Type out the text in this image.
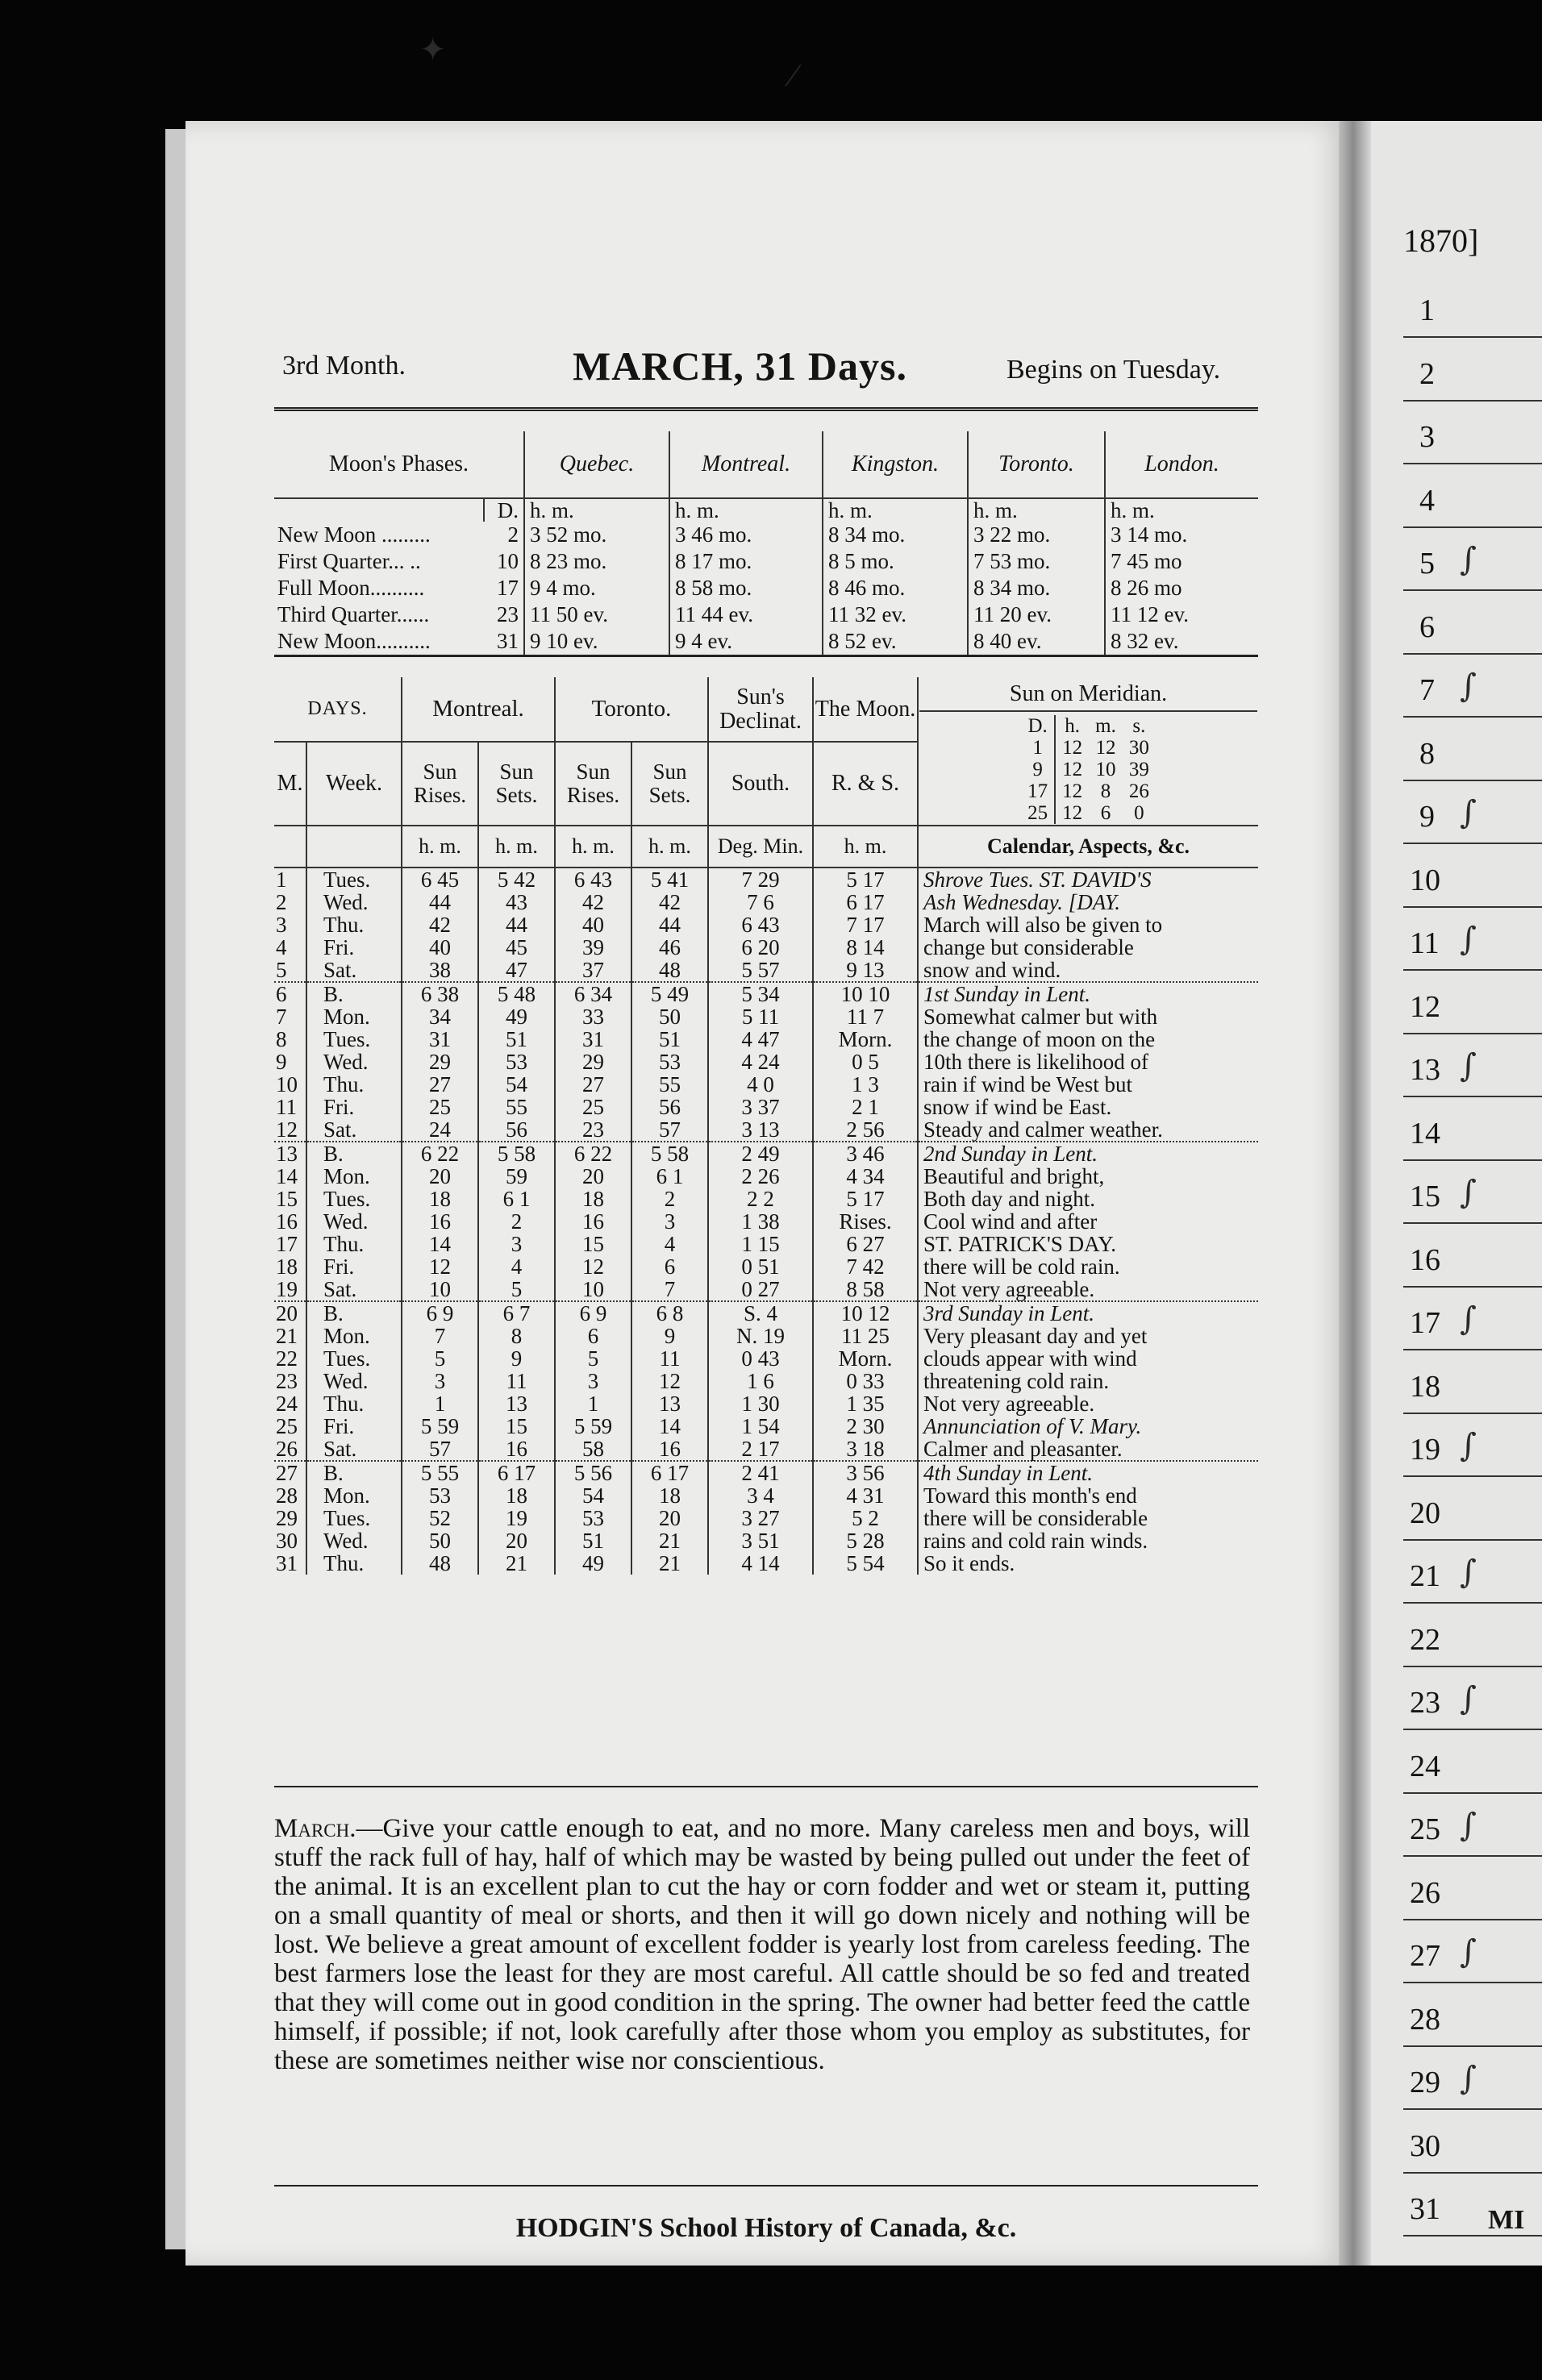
3rd Month.	MARCH, 31 Days.	Begins on Tuesday.
Moon's Phases.		Quebec.	Montreal.	Kingston.	Toronto.	London.
	D.	h. m.	h. m.	h. m.	h. m.	h. m.
New Moon .........	2	3 52 mo.	3 46 mo.	8 34 mo.	3 22 mo.	3 14 mo.
First Quarter... ..	10	8 23 mo.	8 17 mo.	8 5 mo.	7 53 mo.	7 45 mo
Full Moon..........	17	9 4 mo.	8 58 mo.	8 46 mo.	8 34 mo.	8 26 mo
Third Quarter......	23	11 50 ev.	11 44 ev.	11 32 ev.	11 20 ev.	11 12 ev.
New Moon..........	31	9 10 ev.	9 4 ev.	8 52 ev.	8 40 ev.	8 32 ev.
DAYS.	Montreal.	Toronto.	Sun's Declinat.	The Moon.	
Sun on Meridian.
D.	h.	m.	s.
1	12	12	30
9	12	10	39
17	12	8	26
25	12	6	0

M.	Week.	Sun Rises.	Sun Sets.	Sun Rises.	Sun Sets.	South.	R. & S.
		h. m.	h. m.	h. m.	h. m.	Deg. Min.	h. m.	Calendar, Aspects, &c.
1	Tues.	6 45	5 42	6 43	5 41	7 29	5 17	Shrove Tues. ST. DAVID'S
2	Wed.	44	43	42	42	7 6	6 17	Ash Wednesday. [DAY.
3	Thu.	42	44	40	44	6 43	7 17	March will also be given to
4	Fri.	40	45	39	46	6 20	8 14	change but considerable
5	Sat.	38	47	37	48	5 57	9 13	snow and wind.
6	B.	6 38	5 48	6 34	5 49	5 34	10 10	1st Sunday in Lent.
7	Mon.	34	49	33	50	5 11	11 7	Somewhat calmer but with
8	Tues.	31	51	31	51	4 47	Morn.	the change of moon on the
9	Wed.	29	53	29	53	4 24	0 5	10th there is likelihood of
10	Thu.	27	54	27	55	4 0	1 3	rain if wind be West but
11	Fri.	25	55	25	56	3 37	2 1	snow if wind be East.
12	Sat.	24	56	23	57	3 13	2 56	Steady and calmer weather.
13	B.	6 22	5 58	6 22	5 58	2 49	3 46	2nd Sunday in Lent.
14	Mon.	20	59	20	6 1	2 26	4 34	Beautiful and bright,
15	Tues.	18	6 1	18	2	2 2	5 17	Both day and night.
16	Wed.	16	2	16	3	1 38	Rises.	Cool wind and after
17	Thu.	14	3	15	4	1 15	6 27	ST. PATRICK'S DAY.
18	Fri.	12	4	12	6	0 51	7 42	there will be cold rain.
19	Sat.	10	5	10	7	0 27	8 58	Not very agreeable.
20	B.	6 9	6 7	6 9	6 8	S. 4	10 12	3rd Sunday in Lent.
21	Mon.	7	8	6	9	N. 19	11 25	Very pleasant day and yet
22	Tues.	5	9	5	11	0 43	Morn.	clouds appear with wind
23	Wed.	3	11	3	12	1 6	0 33	threatening cold rain.
24	Thu.	1	13	1	13	1 30	1 35	Not very agreeable.
25	Fri.	5 59	15	5 59	14	1 54	2 30	Annunciation of V. Mary.
26	Sat.	57	16	58	16	2 17	3 18	Calmer and pleasanter.
27	B.	5 55	6 17	5 56	6 17	2 41	3 56	4th Sunday in Lent.
28	Mon.	53	18	54	18	3 4	4 31	Toward this month's end
29	Tues.	52	19	53	20	3 27	5 2	there will be considerable
30	Wed.	50	20	51	21	3 51	5 28	rains and cold rain winds.
31	Thu.	48	21	49	21	4 14	5 54	So it ends.
March.—Give your cattle enough to eat, and no more. Many careless men and boys, will stuff the rack full of hay, half of which may be wasted by being pulled out under the feet of the animal. It is an excellent plan to cut the hay or corn fodder and wet or steam it, putting on a small quantity of meal or shorts, and then it will go down nicely and nothing will be lost. We believe a great amount of excellent fodder is yearly lost from careless feeding. The best farmers lose the least for they are most careful. All cattle should be so fed and treated that they will come out in good condition in the spring. The owner had better feed the cattle himself, if possible; if not, look carefully after those whom you employ as substitutes, for these are sometimes neither wise nor conscientious.
HODGIN'S School History of Canada, &c.
1870]
1
2
3
4
5 ∫
6
7 ∫
8
9 ∫
10
11 ∫
12
13 ∫
14
15 ∫
16
17 ∫
18
19 ∫
20
21 ∫
22
23 ∫
24
25 ∫
26
27 ∫
28
29 ∫
30
31 MI
✦
⁄
